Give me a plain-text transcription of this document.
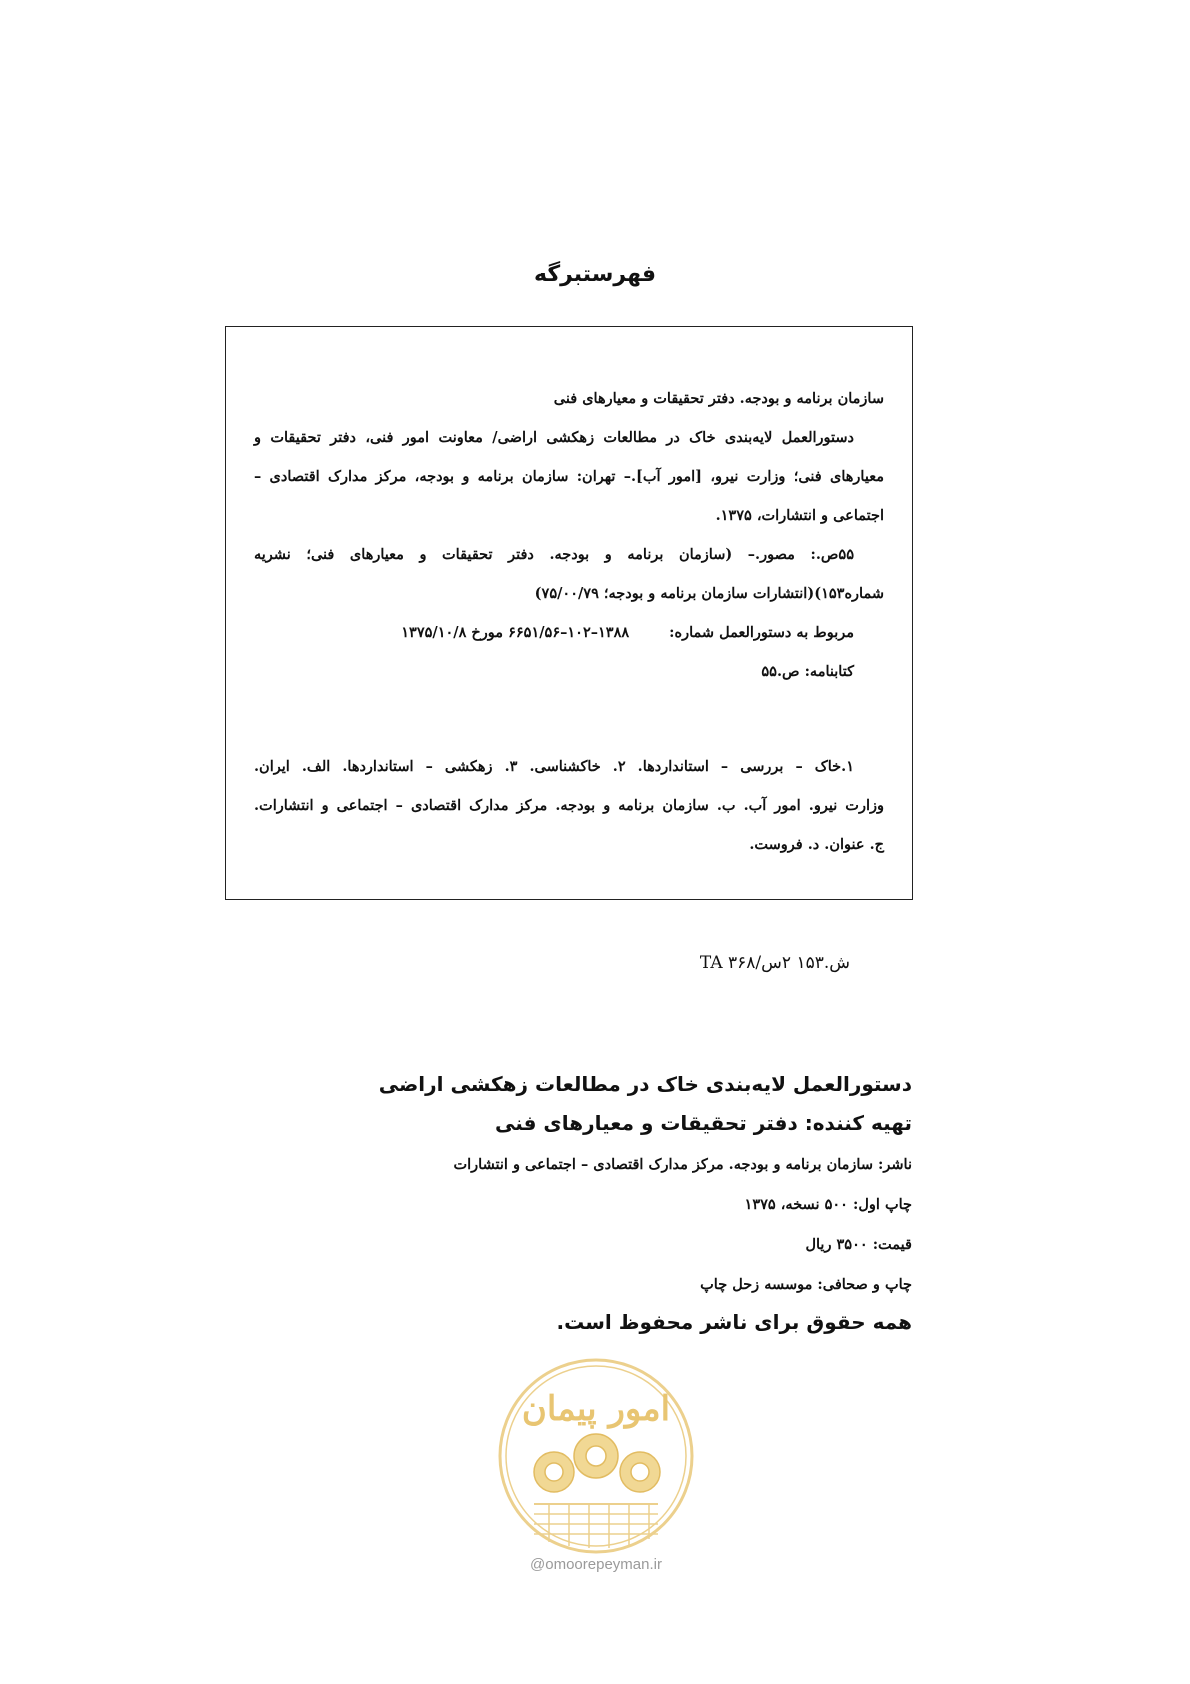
فهرستبرگه
سازمان برنامه و بودجه. دفتر تحقیقات و معیارهای فنی
دستورالعمل لایه‌بندی خاک در مطالعات زهکشی اراضی/ معاونت امور فنی، دفتر تحقیقات و
معیارهای فنی؛ وزارت نیرو، [امور آب].– تهران: سازمان برنامه و بودجه، مرکز مدارک اقتصادی –
اجتماعی و انتشارات، ۱۳۷۵.
۵۵ص.: مصور.– (سازمان برنامه و بودجه. دفتر تحقیقات و معیارهای فنی؛ نشریه
شماره۱۵۳)(انتشارات سازمان برنامه و بودجه؛ ۷۵/۰۰/۷۹)
مربوط به دستورالعمل شماره:۱۳۸۸–۱۰۲–۶۶۵۱/۵۶ مورخ ۱۳۷۵/۱۰/۸
کتابنامه: ص.۵۵
۱.خاک – بررسی – استانداردها. ۲. خاکشناسی. ۳. زهکشی – استانداردها. الف. ایران.
وزارت نیرو. امور آب. ب. سازمان برنامه و بودجه. مرکز مدارک اقتصادی – اجتماعی و انتشارات.
ج. عنوان. د. فروست.
ش.۱۵۳ ۲س/۳۶۸ TA
دستورالعمل لایه‌بندی خاک در مطالعات زهکشی اراضی
تهیه کننده: دفتر تحقیقات و معیارهای فنی
ناشر: سازمان برنامه و بودجه. مرکز مدارک اقتصادی – اجتماعی و انتشارات
چاپ اول: ۵۰۰ نسخه، ۱۳۷۵
قیمت: ۳۵۰۰ ریال
چاپ و صحافی: موسسه زحل چاپ
همه حقوق برای ناشر محفوظ است.
امور پیمان
@omoorepeyman.ir
